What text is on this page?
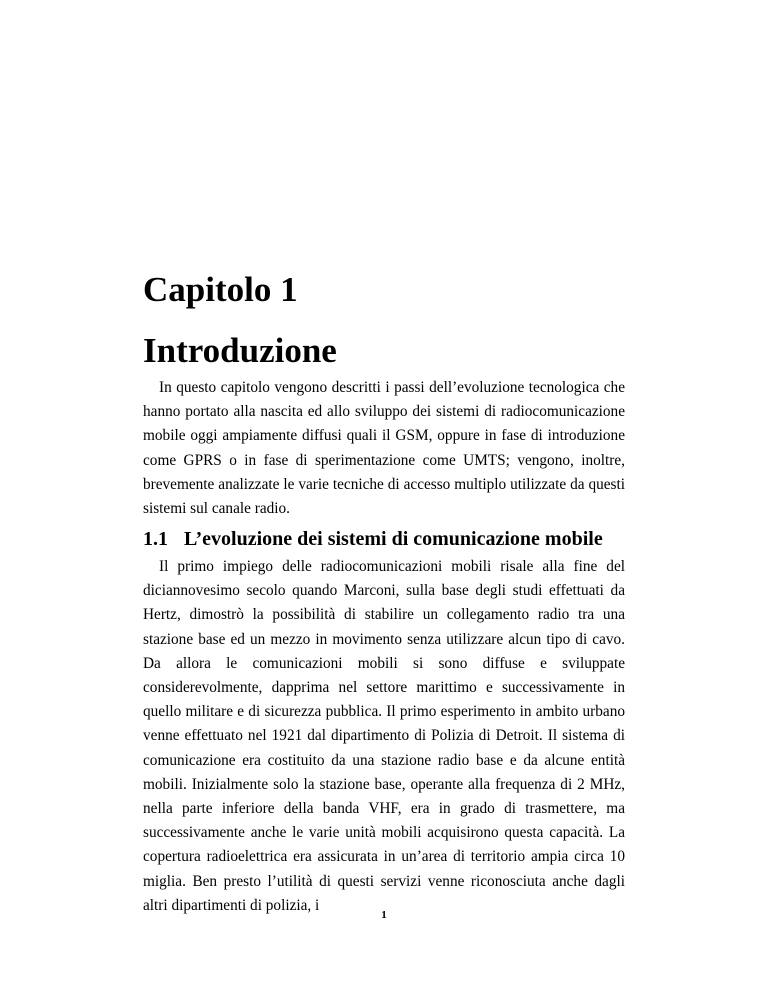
Capitolo 1
Introduzione

In questo capitolo vengono descritti i passi dell’evoluzione tecnologica che hanno portato alla nascita ed allo sviluppo dei sistemi di radiocomunicazione mobile oggi ampiamente diffusi quali il GSM, oppure in fase di introduzione come GPRS o in fase di sperimentazione come UMTS; vengono, inoltre, brevemente analizzate le varie tecniche di accesso multiplo utilizzate da questi sistemi sul canale radio.

1.1 L’evoluzione dei sistemi di comunicazione mobile

Il primo impiego delle radiocomunicazioni mobili risale alla fine del diciannovesimo secolo quando Marconi, sulla base degli studi effettuati da Hertz, dimostrò la possibilità di stabilire un collegamento radio tra una stazione base ed un mezzo in movimento senza utilizzare alcun tipo di cavo. Da allora le comunicazioni mobili si sono diffuse e sviluppate considerevolmente, dapprima nel settore marittimo e successivamente in quello militare e di sicurezza pubblica. Il primo esperimento in ambito urbano venne effettuato nel 1921 dal dipartimento di Polizia di Detroit. Il sistema di comunicazione era costituito da una stazione radio base e da alcune entità mobili. Inizialmente solo la stazione base, operante alla frequenza di 2 MHz, nella parte inferiore della banda VHF, era in grado di trasmettere, ma successivamente anche le varie unità mobili acquisirono questa capacità. La copertura radioelettrica era assicurata in un’area di territorio ampia circa 10 miglia. Ben presto l’utilità di questi servizi venne riconosciuta anche dagli altri dipartimenti di polizia, i

1
